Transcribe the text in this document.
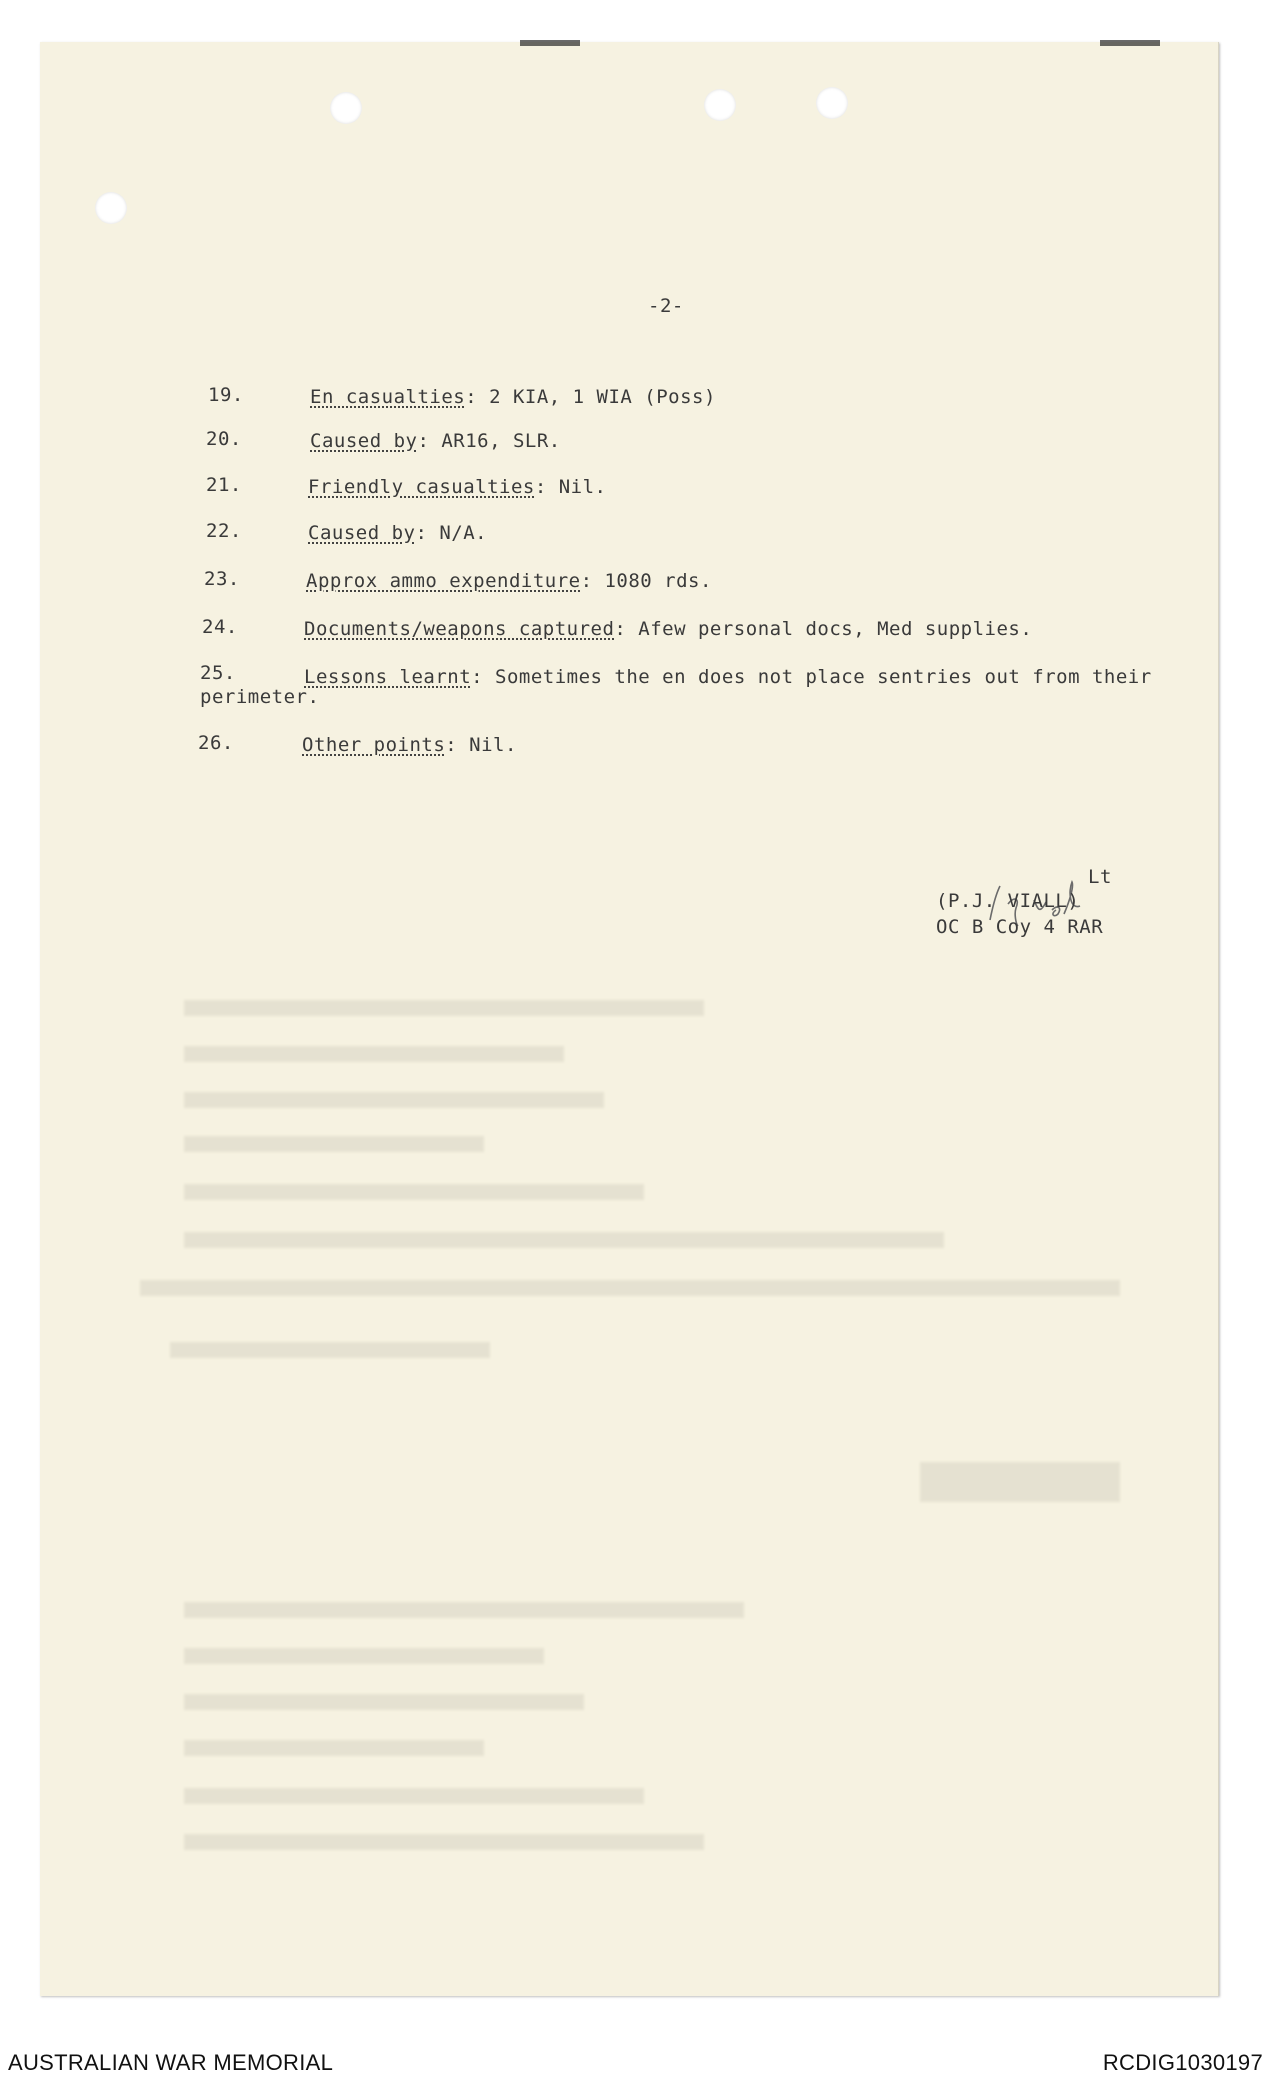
-2-
19.	En casualties: 2 KIA, 1 WIA (Poss)
20.	Caused by: AR16, SLR.
21.	Friendly casualties: Nil.
22.	Caused by: N/A.
23.	Approx ammo expenditure: 1080 rds.
24.	Documents/weapons captured: Afew personal docs, Med supplies.
25.	Lessons learnt: Sometimes the en does not place sentries out from their
perimeter.
26.	Other points: Nil.
Lt
(P.J. VIALL)
OC B Coy 4 RAR
AUSTRALIAN WAR MEMORIAL	RCDIG1030197
